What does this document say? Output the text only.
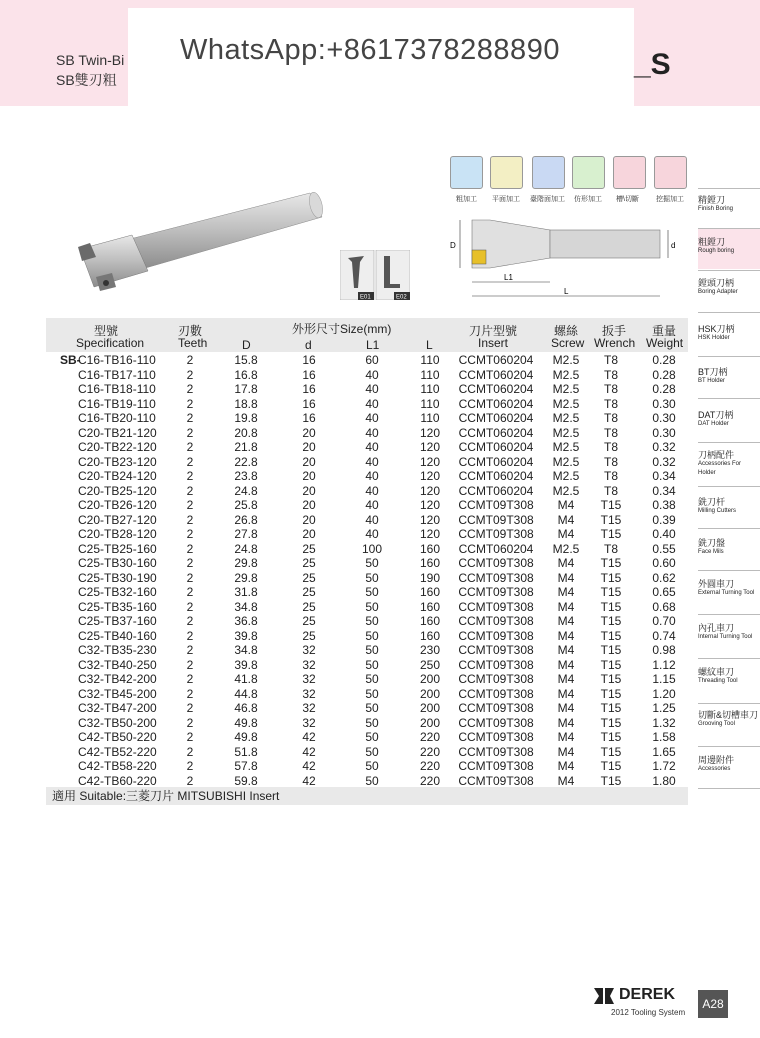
SB Twin-Bi
SB雙刃粗
WhatsApp:+8617378288890 _S
E01	E02
粗加工 平面加工 臺階面加工 仿形加工 槽\切斷 挖掘加工
D	d
L1
L
精鏜刀
Finish Boring
粗鏜刀
Rough boring
鏜頭刀柄
Boring Adapter
HSK刀柄
HSK Holder
BT刀柄
BT Holder
DAT刀柄
DAT Holder
刀柄配件
Accessories For Holder
銑刀杆
Milling Cutters
銑刀盤
Face Mils
外圓車刀
External Turning Tool
內孔車刀
Internal Turning Tool
螺紋車刀
Threading Tool
切斷&切槽車刀
Grooving Tool
周邊附件
Accessories
型號
Specification
刃數
Teeth
外形尺寸Size(mm)
D	d	L1	L
刀片型號
Insert
螺絲
Screw
扳手
Wrench
重量
Weight
SB-
C16-TB16-110	2	15.8	16	60	110	CCMT060204	M2.5	T8	0.28
C16-TB17-110	2	16.8	16	40	110	CCMT060204	M2.5	T8	0.28
C16-TB18-110	2	17.8	16	40	110	CCMT060204	M2.5	T8	0.28
C16-TB19-110	2	18.8	16	40	110	CCMT060204	M2.5	T8	0.30
C16-TB20-110	2	19.8	16	40	110	CCMT060204	M2.5	T8	0.30
C20-TB21-120	2	20.8	20	40	120	CCMT060204	M2.5	T8	0.30
C20-TB22-120	2	21.8	20	40	120	CCMT060204	M2.5	T8	0.32
C20-TB23-120	2	22.8	20	40	120	CCMT060204	M2.5	T8	0.32
C20-TB24-120	2	23.8	20	40	120	CCMT060204	M2.5	T8	0.34
C20-TB25-120	2	24.8	20	40	120	CCMT060204	M2.5	T8	0.34
C20-TB26-120	2	25.8	20	40	120	CCMT09T308	M4	T15	0.38
C20-TB27-120	2	26.8	20	40	120	CCMT09T308	M4	T15	0.39
C20-TB28-120	2	27.8	20	40	120	CCMT09T308	M4	T15	0.40
C25-TB25-160	2	24.8	25	100	160	CCMT060204	M2.5	T8	0.55
C25-TB30-160	2	29.8	25	50	160	CCMT09T308	M4	T15	0.60
C25-TB30-190	2	29.8	25	50	190	CCMT09T308	M4	T15	0.62
C25-TB32-160	2	31.8	25	50	160	CCMT09T308	M4	T15	0.65
C25-TB35-160	2	34.8	25	50	160	CCMT09T308	M4	T15	0.68
C25-TB37-160	2	36.8	25	50	160	CCMT09T308	M4	T15	0.70
C25-TB40-160	2	39.8	25	50	160	CCMT09T308	M4	T15	0.74
C32-TB35-230	2	34.8	32	50	230	CCMT09T308	M4	T15	0.98
C32-TB40-250	2	39.8	32	50	250	CCMT09T308	M4	T15	1.12
C32-TB42-200	2	41.8	32	50	200	CCMT09T308	M4	T15	1.15
C32-TB45-200	2	44.8	32	50	200	CCMT09T308	M4	T15	1.20
C32-TB47-200	2	46.8	32	50	200	CCMT09T308	M4	T15	1.25
C32-TB50-200	2	49.8	32	50	200	CCMT09T308	M4	T15	1.32
C42-TB50-220	2	49.8	42	50	220	CCMT09T308	M4	T15	1.58
C42-TB52-220	2	51.8	42	50	220	CCMT09T308	M4	T15	1.65
C42-TB58-220	2	57.8	42	50	220	CCMT09T308	M4	T15	1.72
C42-TB60-220	2	59.8	42	50	220	CCMT09T308	M4	T15	1.80
適用 Suitable:三菱刀片 MITSUBISHI Insert
DEREK
2012 Tooling System
A28
